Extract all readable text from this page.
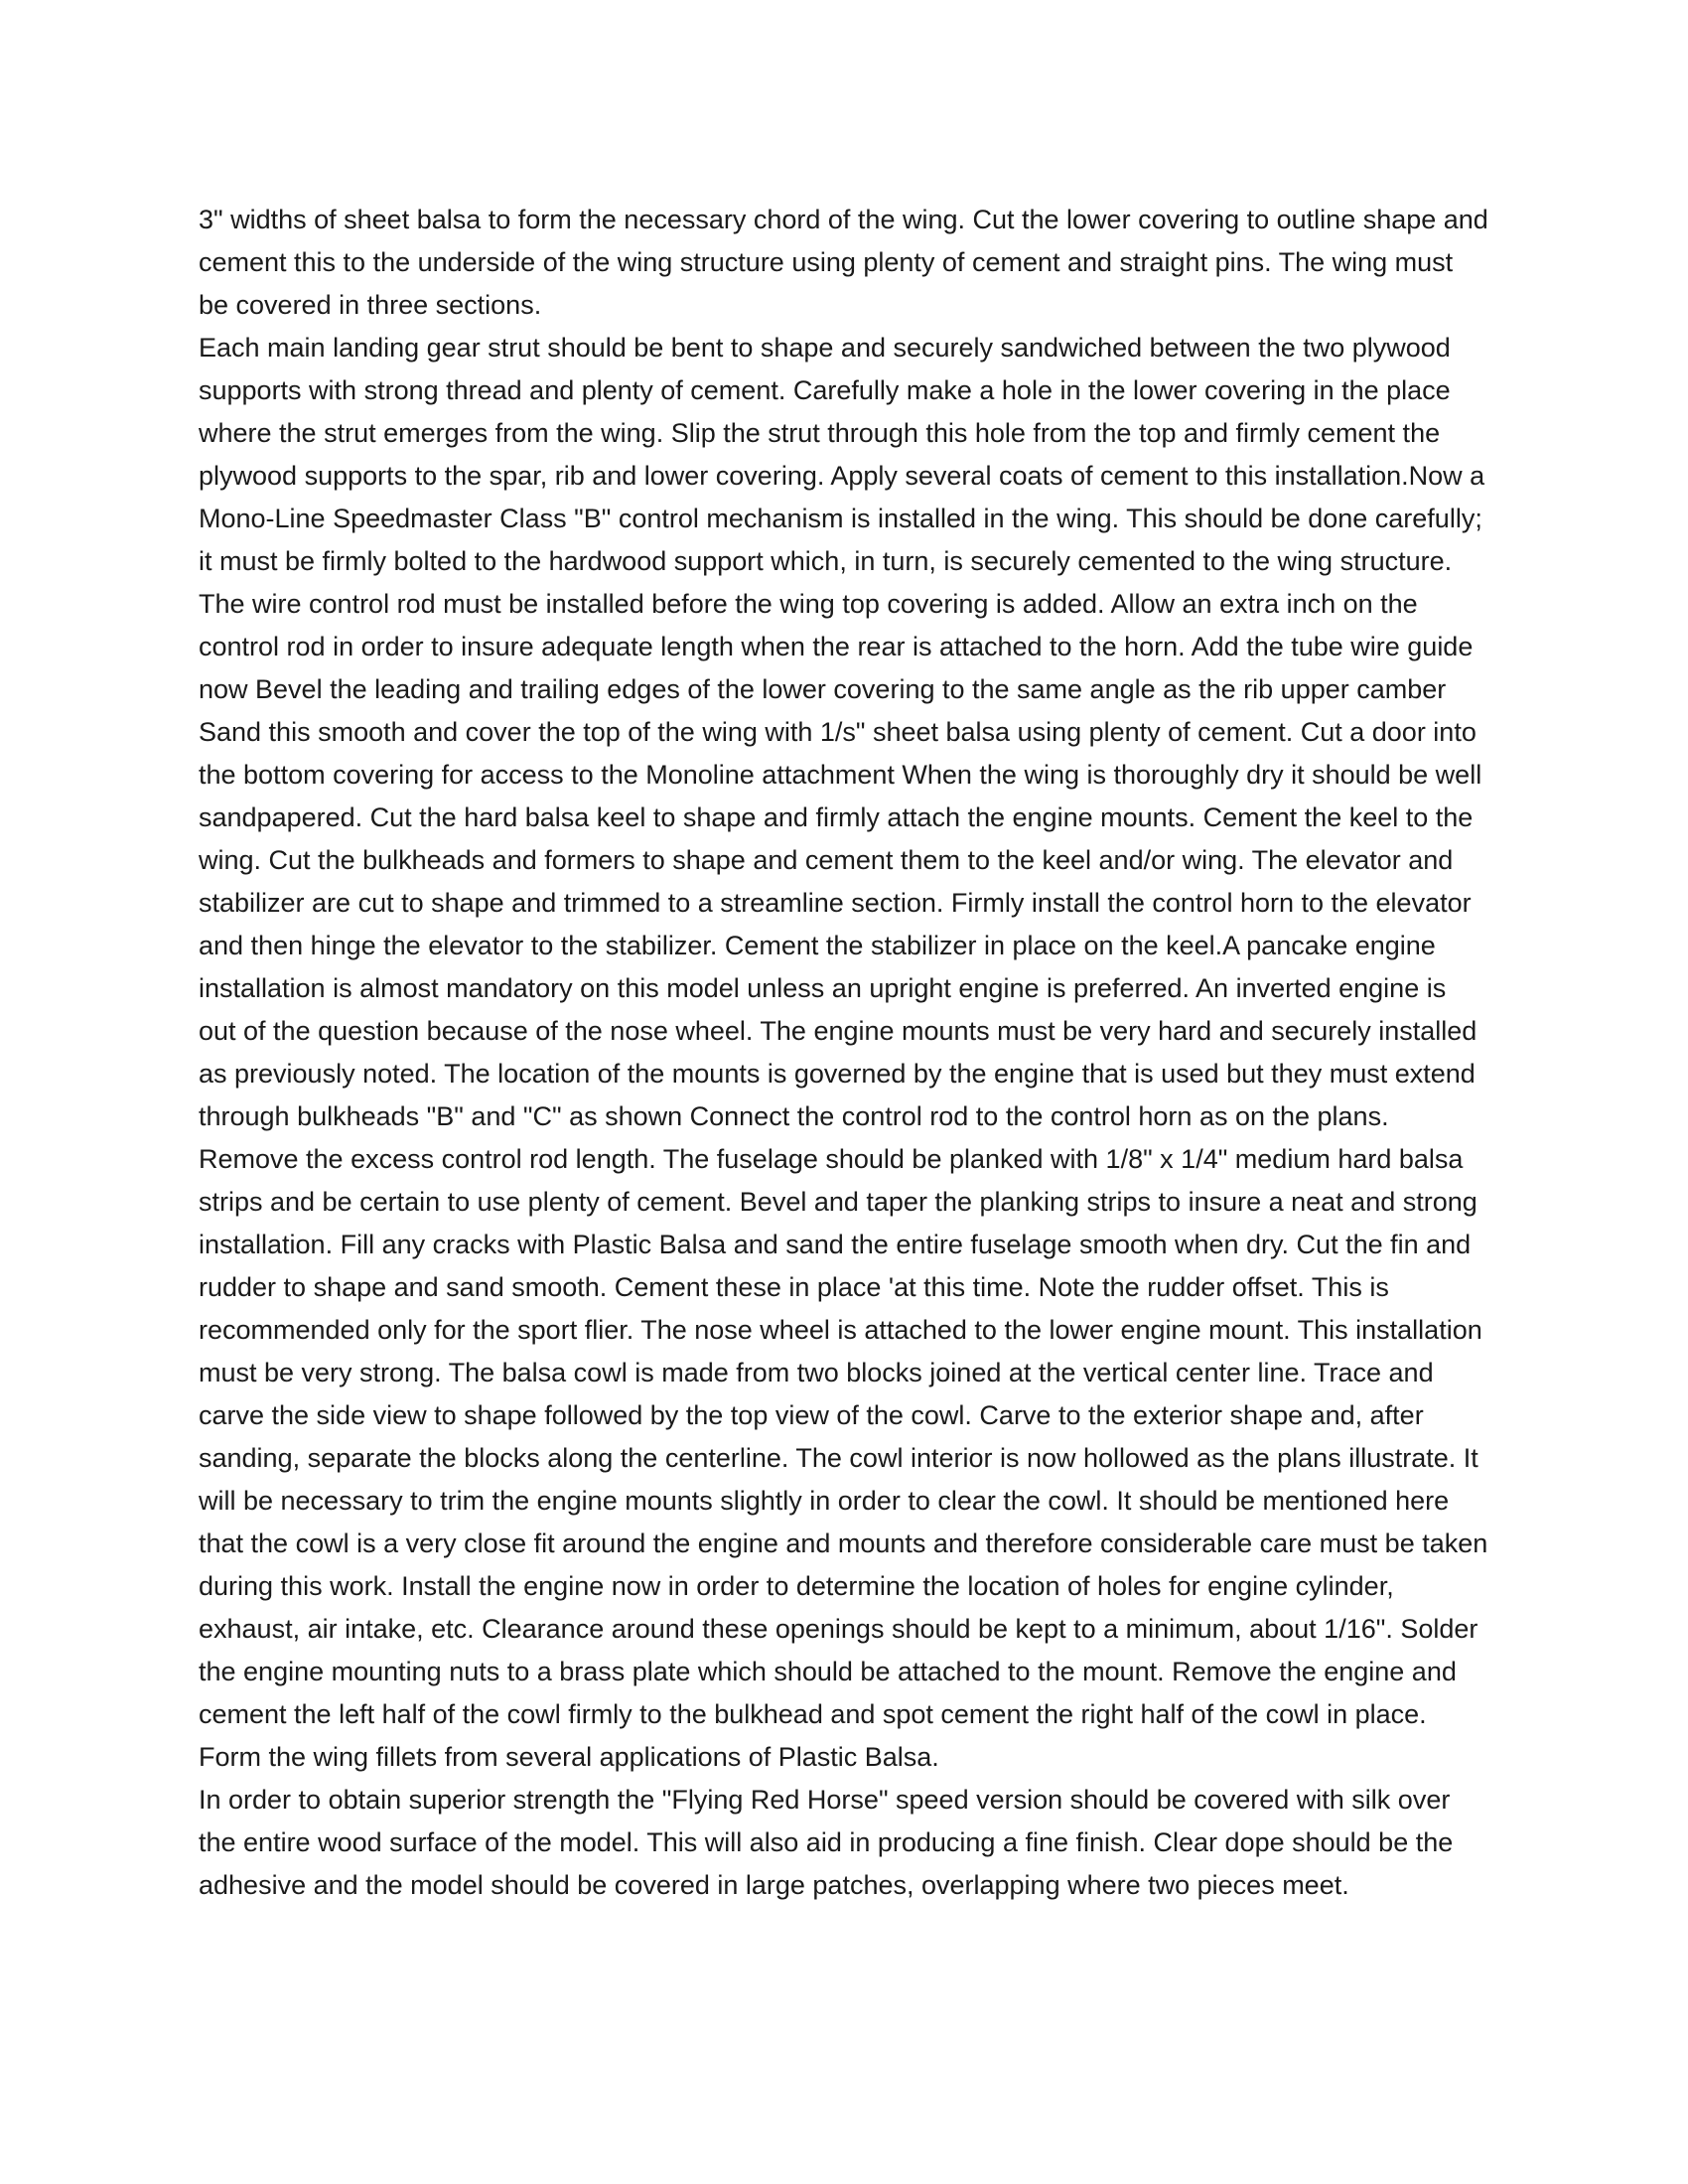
3" widths of sheet balsa to form the necessary chord of the wing. Cut the lower covering to outline shape and cement this to the underside of the wing structure using plenty of cement and straight pins. The wing must be covered in three sections.

Each main landing gear strut should be bent to shape and securely sandwiched between the two plywood supports with strong thread and plenty of cement. Carefully make a hole in the lower covering in the place where the strut emerges from the wing. Slip the strut through this hole from the top and firmly cement the plywood supports to the spar, rib and lower covering. Apply several coats of cement to this installation.Now a Mono-Line Speedmaster Class "B" control mechanism is installed in the wing. This should be done carefully; it must be firmly bolted to the hardwood support which, in turn, is securely cemented to the wing structure. The wire control rod must be installed before the wing top covering is added. Allow an extra inch on the control rod in order to insure adequate length when the rear is attached to the horn. Add the tube wire guide now Bevel the leading and trailing edges of the lower covering to the same angle as the rib upper camber Sand this smooth and cover the top of the wing with 1/s" sheet balsa using plenty of cement. Cut a door into the bottom covering for access to the Monoline attachment When the wing is thoroughly dry it should be well sandpapered. Cut the hard balsa keel to shape and firmly attach the engine mounts. Cement the keel to the wing. Cut the bulkheads and formers to shape and cement them to the keel and/or wing. The elevator and stabilizer are cut to shape and trimmed to a streamline section. Firmly install the control horn to the elevator and then hinge the elevator to the stabilizer. Cement the stabilizer in place on the keel.A pancake engine installation is almost mandatory on this model unless an upright engine is preferred. An inverted engine is out of the question because of the nose wheel. The engine mounts must be very hard and securely installed as previously noted. The location of the mounts is governed by the engine that is used but they must extend through bulkheads "B" and "C" as shown Connect the control rod to the control horn as on the plans. Remove the excess control rod length. The fuselage should be planked with 1/8" x 1/4" medium hard balsa strips and be certain to use plenty of cement. Bevel and taper the planking strips to insure a neat and strong installation. Fill any cracks with Plastic Balsa and sand the entire fuselage smooth when dry. Cut the fin and rudder to shape and sand smooth. Cement these in place 'at this time. Note the rudder offset. This is recommended only for the sport flier. The nose wheel is attached to the lower engine mount. This installation must be very strong. The balsa cowl is made from two blocks joined at the vertical center line. Trace and carve the side view to shape followed by the top view of the cowl. Carve to the exterior shape and, after sanding, separate the blocks along the centerline. The cowl interior is now hollowed as the plans illustrate. It will be necessary to trim the engine mounts slightly in order to clear the cowl. It should be mentioned here that the cowl is a very close fit around the engine and mounts and therefore considerable care must be taken during this work. Install the engine now in order to determine the location of holes for engine cylinder, exhaust, air intake, etc. Clearance around these openings should be kept to a minimum, about 1/16". Solder the engine mounting nuts to a brass plate which should be attached to the mount. Remove the engine and cement the left half of the cowl firmly to the bulkhead and spot cement the right half of the cowl in place. Form the wing fillets from several applications of Plastic Balsa.

In order to obtain superior strength the "Flying Red Horse" speed version should be covered with silk over the entire wood surface of the model. This will also aid in producing a fine finish. Clear dope should be the adhesive and the model should be covered in large patches, overlapping where two pieces meet.
